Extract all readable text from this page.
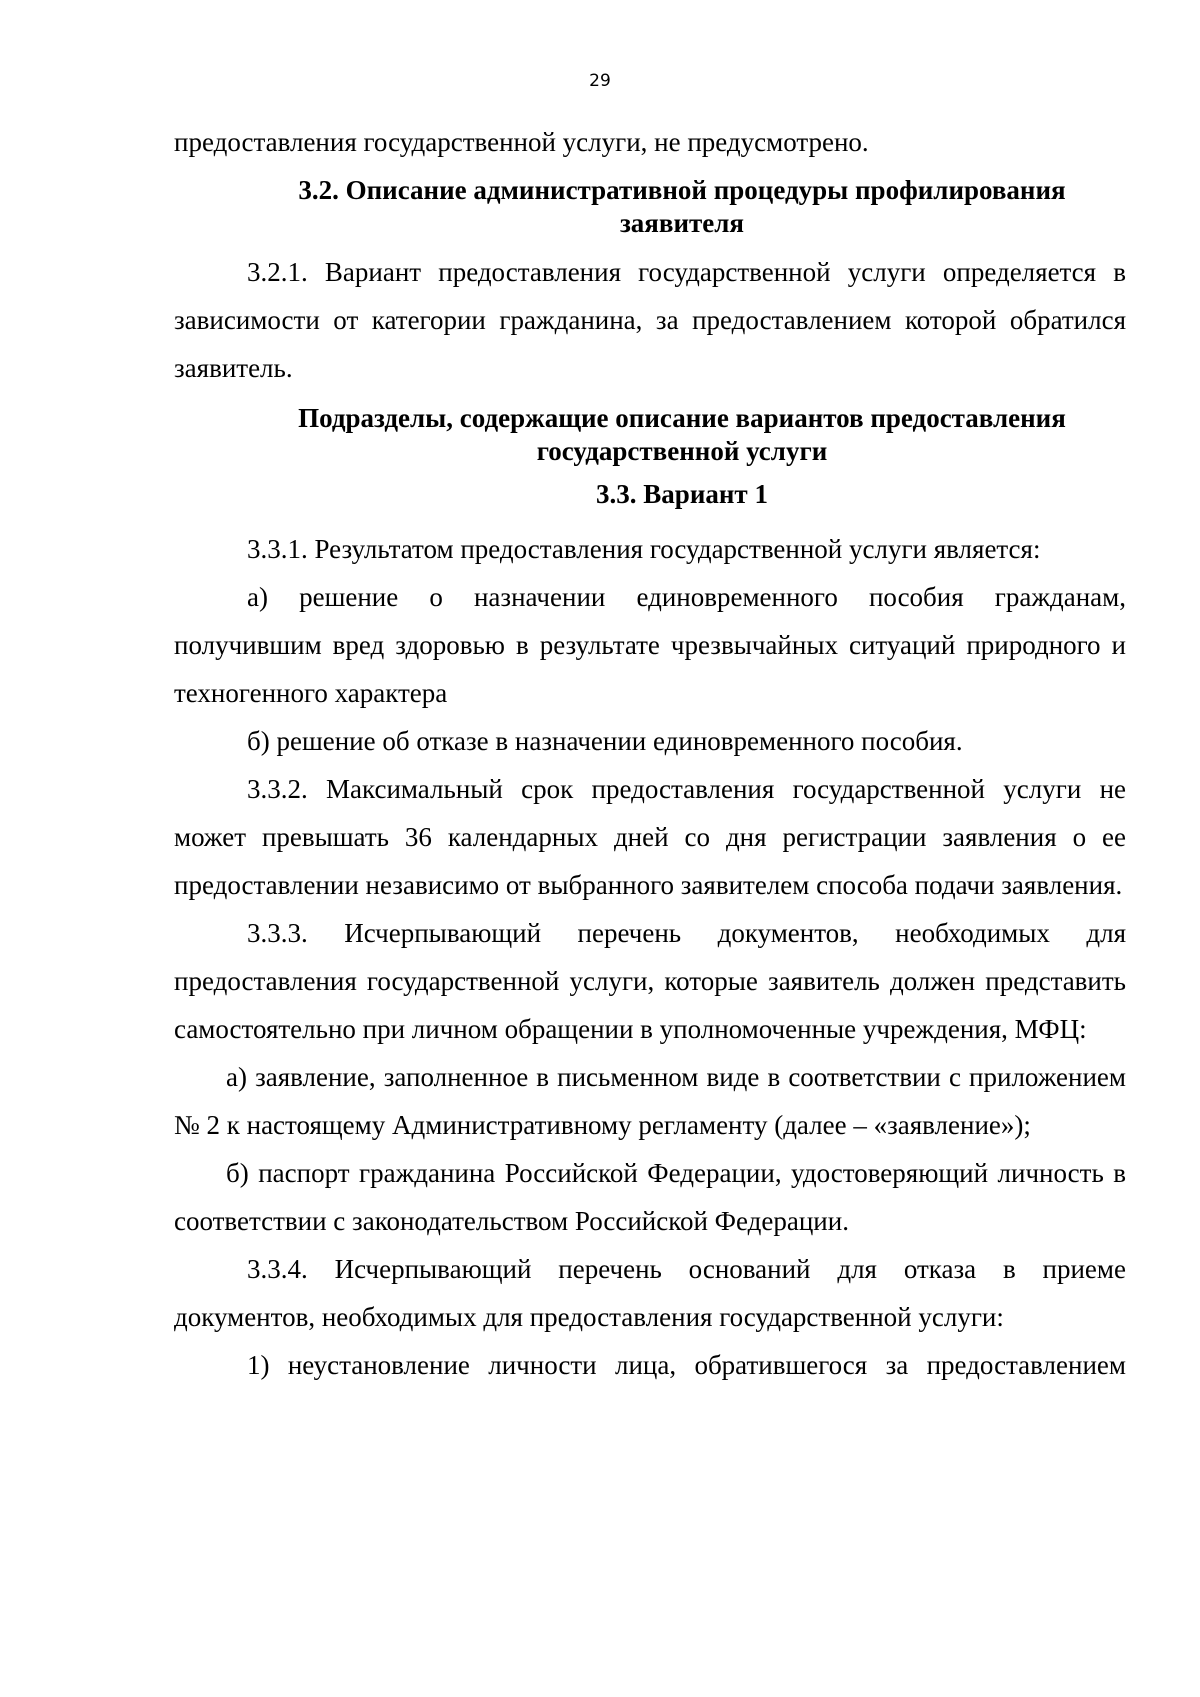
29

предоставления государственной услуги, не предусмотрено.

3.2. Описание административной процедуры профилирования заявителя

3.2.1. Вариант предоставления государственной услуги определяется в зависимости от категории гражданина, за предоставлением которой обратился заявитель.

Подразделы, содержащие описание вариантов предоставления государственной услуги

3.3. Вариант 1

3.3.1. Результатом предоставления государственной услуги является:

а) решение о назначении единовременного пособия гражданам, получившим вред здоровью в результате чрезвычайных ситуаций природного и техногенного характера

б) решение об отказе в назначении единовременного пособия.

3.3.2. Максимальный срок предоставления государственной услуги не может превышать 36 календарных дней со дня регистрации заявления о ее предоставлении независимо от выбранного заявителем способа подачи заявления.

3.3.3. Исчерпывающий перечень документов, необходимых для предоставления государственной услуги, которые заявитель должен представить самостоятельно при личном обращении в уполномоченные учреждения, МФЦ:

а) заявление, заполненное в письменном виде в соответствии с приложением № 2 к настоящему Административному регламенту (далее – «заявление»);

б) паспорт гражданина Российской Федерации, удостоверяющий личность в соответствии с законодательством Российской Федерации.

3.3.4. Исчерпывающий перечень оснований для отказа в приеме документов, необходимых для предоставления государственной услуги:

1) неустановление личности лица, обратившегося за предоставлением
